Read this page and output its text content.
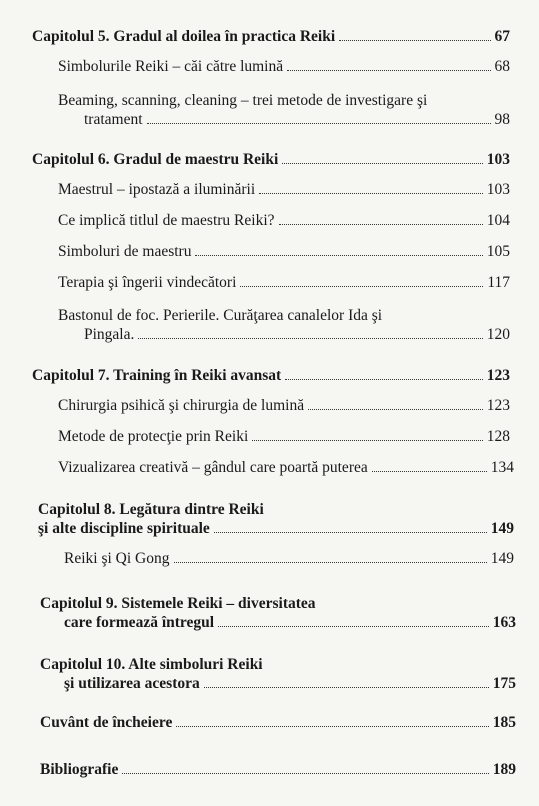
Capitolul 5. Gradul al doilea în practica Reiki	67
Simbolurile Reiki – căi către lumină	68
Beaming, scanning, cleaning – trei metode de investigare şi
tratament	98
Capitolul 6. Gradul de maestru Reiki	103
Maestrul – ipostază a iluminării	103
Ce implică titlul de maestru Reiki?	104
Simboluri de maestru	105
Terapia şi îngerii vindecători	117
Bastonul de foc. Perierile. Curăţarea canalelor Ida şi
Pingala.	120
Capitolul 7. Training în Reiki avansat	123
Chirurgia psihică şi chirurgia de lumină	123
Metode de protecţie prin Reiki	128
Vizualizarea creativă – gândul care poartă puterea	134
Capitolul 8. Legătura dintre Reiki
şi alte discipline spirituale	149
Reiki şi Qi Gong	149
Capitolul 9. Sistemele Reiki – diversitatea
care formează întregul	163
Capitolul 10. Alte simboluri Reiki
şi utilizarea acestora	175
Cuvânt de încheiere	185
Bibliografie	189
